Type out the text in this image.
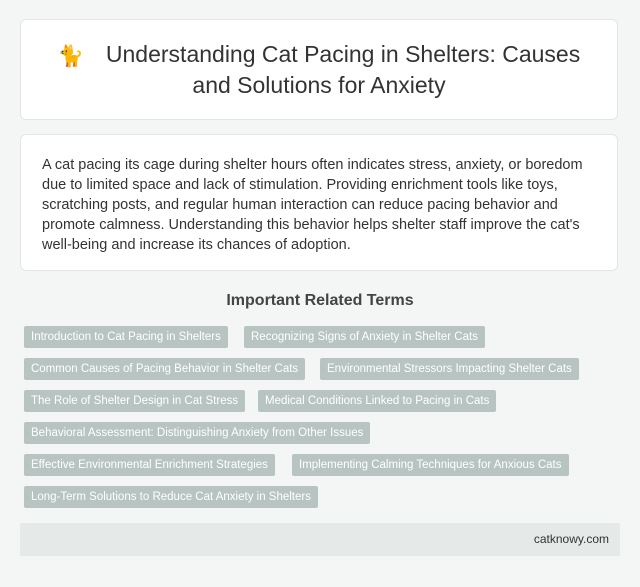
🐈 Understanding Cat Pacing in Shelters: Causes and Solutions for Anxiety

A cat pacing its cage during shelter hours often indicates stress, anxiety, or boredom due to limited space and lack of stimulation. Providing enrichment tools like toys, scratching posts, and regular human interaction can reduce pacing behavior and promote calmness. Understanding this behavior helps shelter staff improve the cat's well-being and increase its chances of adoption.

Important Related Terms
Introduction to Cat Pacing in Shelters	Recognizing Signs of Anxiety in Shelter Cats
Common Causes of Pacing Behavior in Shelter Cats	Environmental Stressors Impacting Shelter Cats
The Role of Shelter Design in Cat Stress	Medical Conditions Linked to Pacing in Cats
Behavioral Assessment: Distinguishing Anxiety from Other Issues
Effective Environmental Enrichment Strategies	Implementing Calming Techniques for Anxious Cats
Long-Term Solutions to Reduce Cat Anxiety in Shelters
catknowy.com
